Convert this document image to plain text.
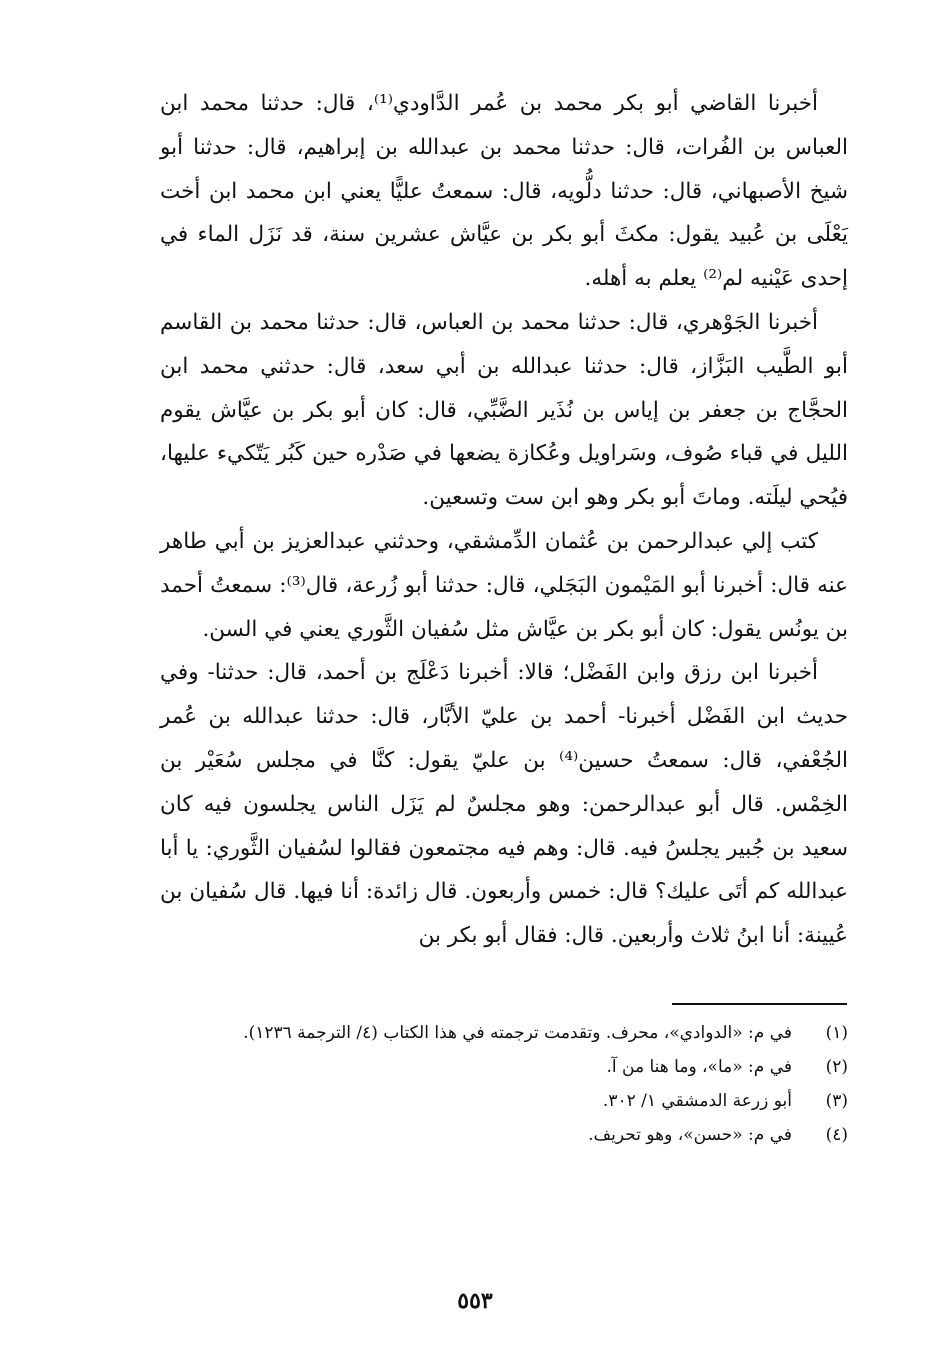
أخبرنا القاضي أبو بكر محمد بن عُمر الدَّاودي⁽¹⁾، قال: حدثنا محمد ابن العباس بن الفُرات، قال: حدثنا محمد بن عبدالله بن إبراهيم، قال: حدثنا أبو شيخ الأصبهاني، قال: حدثنا دلُّويه، قال: سمعتُ عليًّا يعني ابن محمد ابن أخت يَعْلَى بن عُبيد يقول: مكثَ أبو بكر بن عيَّاش عشرين سنة، قد نَزَل الماء في إحدى عَيْنيه لم⁽²⁾ يعلم به أهله.

أخبرنا الجَوْهري، قال: حدثنا محمد بن العباس، قال: حدثنا محمد بن القاسم أبو الطَّيب البَزَّاز، قال: حدثنا عبدالله بن أبي سعد، قال: حدثني محمد ابن الحجَّاج بن جعفر بن إياس بن نُذَير الضَّبِّي، قال: كان أبو بكر بن عيَّاش يقوم الليل في قباء صُوف، وسَراويل وعُكازة يضعها في صَدْره حين كَبُر يَتّكيء عليها، فيُحي ليلَته. وماتَ أبو بكر وهو ابن ست وتسعين.

كتب إلي عبدالرحمن بن عُثمان الدِّمشقي، وحدثني عبدالعزيز بن أبي طاهر عنه قال: أخبرنا أبو المَيْمون البَجَلي، قال: حدثنا أبو زُرعة، قال⁽³⁾: سمعتُ أحمد بن يونُس يقول: كان أبو بكر بن عيَّاش مثل سُفيان الثَّوري يعني في السن.

أخبرنا ابن رزق وابن الفَضْل؛ قالا: أخبرنا دَعْلَج بن أحمد، قال: حدثنا- وفي حديث ابن الفَضْل أخبرنا- أحمد بن عليّ الأبَّار، قال: حدثنا عبدالله بن عُمر الجُعْفي، قال: سمعتُ حسين⁽⁴⁾ بن عليّ يقول: كنَّا في مجلس سُعَيْر بن الخِمْس. قال أبو عبدالرحمن: وهو مجلسٌ لم يَزَل الناس يجلسون فيه كان سعيد بن جُبير يجلسُ فيه. قال: وهم فيه مجتمعون فقالوا لسُفيان الثَّوري: يا أبا عبدالله كم أتَى عليك؟ قال: خمس وأربعون. قال زائدة: أنا فيها. قال سُفيان بن عُيينة: أنا ابنُ ثلاث وأربعين. قال: فقال أبو بكر بن

(١)في م: «الدوادي»، محرف. وتقدمت ترجمته في هذا الكتاب (٤/ الترجمة ١٢٣٦).
(٢)في م: «ما»، وما هنا من آ.
(٣)أبو زرعة الدمشقي ١/ ٣٠٢.
(٤)في م: «حسن»، وهو تحريف.
٥٥٣
